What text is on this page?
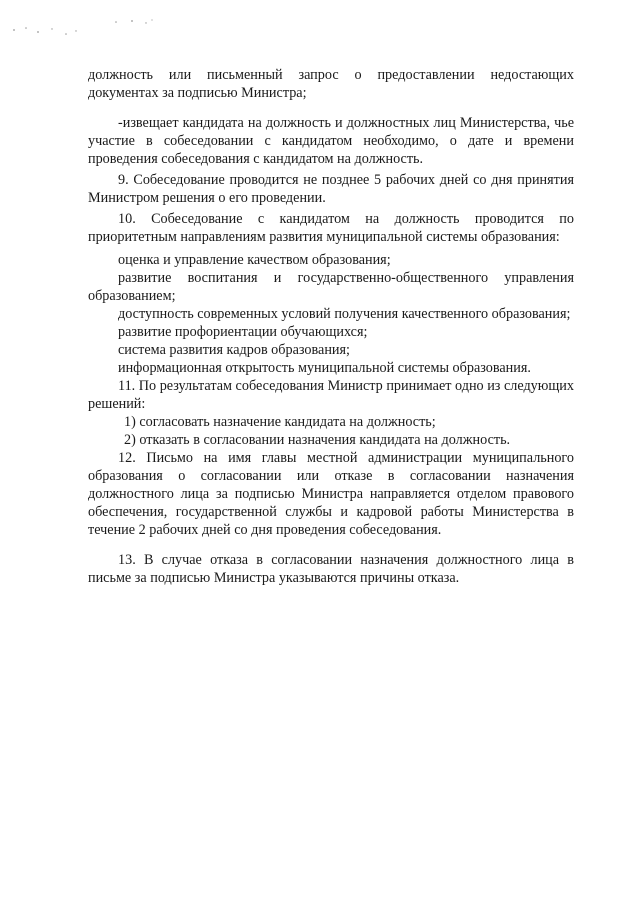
должность или письменный запрос о предоставлении недостающих документах за подписью Министра;

-извещает кандидата на должность и должностных лиц Министерства, чье участие в собеседовании с кандидатом необходимо, о дате и времени проведения собеседования с кандидатом на должность.

9. Собеседование проводится не позднее 5 рабочих дней со дня принятия Министром решения о его проведении.

10. Собеседование с кандидатом на должность проводится по приоритетным направлениям развития муниципальной системы образования:

оценка и управление качеством образования;

развитие воспитания и государственно-общественного управления образованием;

доступность современных условий получения качественного образования;

развитие профориентации обучающихся;

система развития кадров образования;

информационная открытость муниципальной системы образования.

11. По результатам собеседования Министр принимает одно из следующих решений:

1) согласовать назначение кандидата на должность;

2) отказать в согласовании назначения кандидата на должность.

12. Письмо на имя главы местной администрации муниципального образования о согласовании или отказе в согласовании назначения должностного лица за подписью Министра направляется отделом правового обеспечения, государственной службы и кадровой работы Министерства в течение 2 рабочих дней со дня проведения собеседования.

13. В случае отказа в согласовании назначения должностного лица в письме за подписью Министра указываются причины отказа.
